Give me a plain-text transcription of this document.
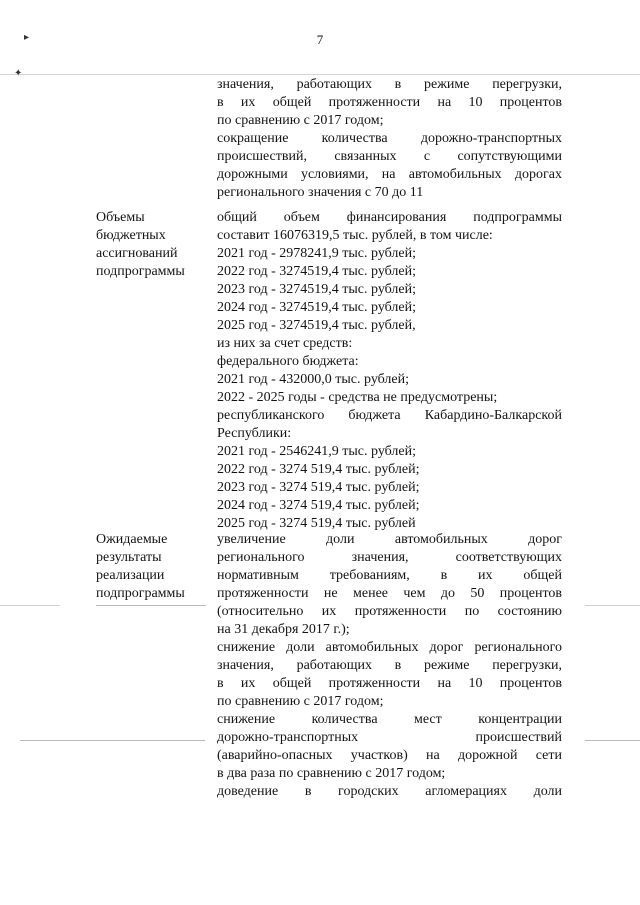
7
▸
✦
значения, работающих в режиме перегрузки,
в их общей протяженности на 10 процентов
по сравнению с 2017 годом;
сокращение количества дорожно-транспортных
происшествий, связанных с сопутствующими
дорожными условиями, на автомобильных дорогах
регионального значения с 70 до 11
Объемы
бюджетных
ассигнований
подпрограммы
общий объем финансирования подпрограммы
составит 16076319,5 тыс. рублей, в том числе:
2021 год - 2978241,9 тыс. рублей;
2022 год - 3274519,4 тыс. рублей;
2023 год - 3274519,4 тыс. рублей;
2024 год - 3274519,4 тыс. рублей;
2025 год - 3274519,4 тыс. рублей,
из них за счет средств:
федерального бюджета:
2021 год - 432000,0 тыс. рублей;
2022 - 2025 годы - средства не предусмотрены;
республиканского бюджета Кабардино-Балкарской
Республики:
2021 год - 2546241,9 тыс. рублей;
2022 год - 3274 519,4 тыс. рублей;
2023 год - 3274 519,4 тыс. рублей;
2024 год - 3274 519,4 тыс. рублей;
2025 год - 3274 519,4 тыс. рублей
Ожидаемые
результаты
реализации
подпрограммы
увеличение доли автомобильных дорог
регионального значения, соответствующих
нормативным требованиям, в их общей
протяженности не менее чем до 50 процентов
(относительно их протяженности по состоянию
на 31 декабря 2017 г.);
снижение доли автомобильных дорог регионального
значения, работающих в режиме перегрузки,
в их общей протяженности на 10 процентов
по сравнению с 2017 годом;
снижение количества мест концентрации
дорожно-транспортных происшествий
(аварийно-опасных участков) на дорожной сети
в два раза по сравнению с 2017 годом;
доведение в городских агломерациях доли
